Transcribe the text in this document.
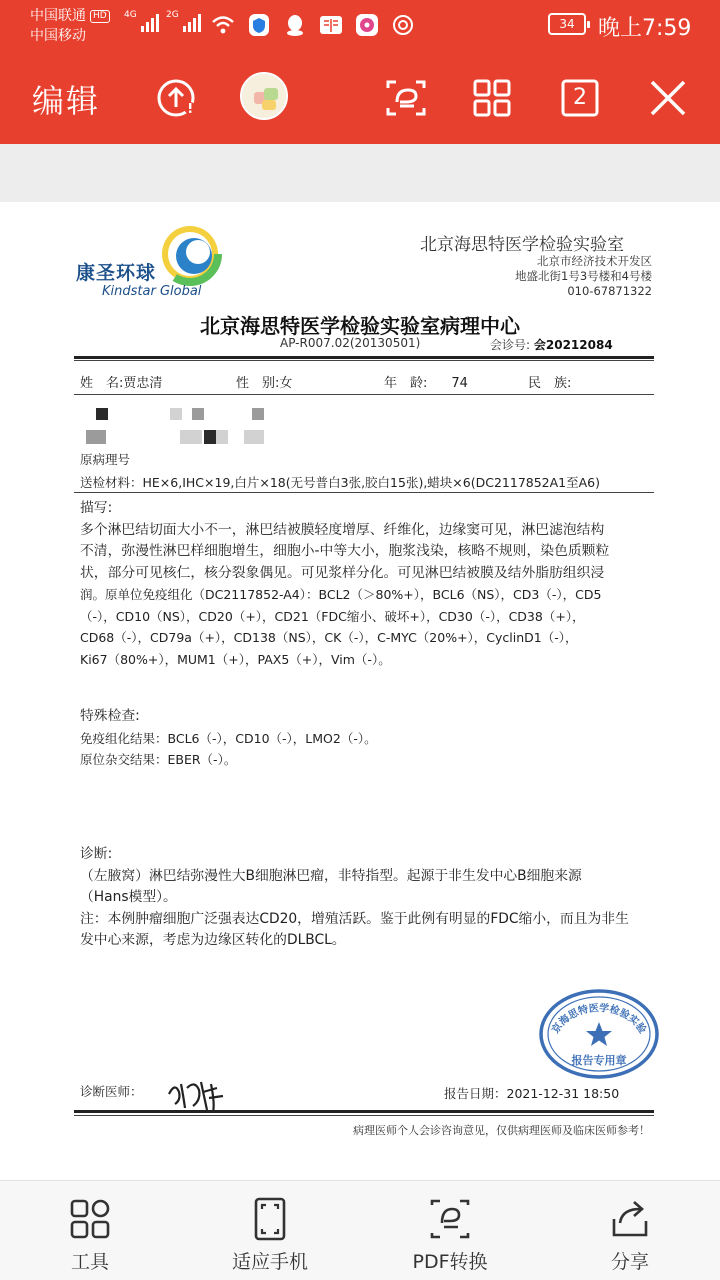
中国联通 HD
中国移动
4G	2G
34	晚上7:59
编辑	2
康圣环球
Kindstar Global
北京海思特医学检验实验室
北京市经济技术开发区
地盛北街1号3号楼和4号楼
010-67871322
北京海思特医学检验实验室病理中心
AP-R007.02(20130501)	会诊号: 会20212084
姓　名:贾忠清	性　别:女	年　龄: 74	民　族:
原病理号
送检材料：HE×6,IHC×19,白片×18(无号普白3张,胶白15张),蜡块×6(DC2117852A1至A6)
描写:
多个淋巴结切面大小不一，淋巴结被膜轻度增厚、纤维化，边缘窦可见，淋巴滤泡结构
不清，弥漫性淋巴样细胞增生，细胞小-中等大小，胞浆浅染，核略不规则，染色质颗粒
状，部分可见核仁，核分裂象偶见。可见浆样分化。可见淋巴结被膜及结外脂肪组织浸
润。原单位免疫组化（DC2117852-A4）：BCL2（＞80%+），BCL6（NS），CD3（-），CD5
（-），CD10（NS），CD20（+），CD21（FDC缩小、破坏+），CD30（-），CD38（+），
CD68（-），CD79a（+），CD138（NS），CK（-），C-MYC（20%+），CyclinD1（-），
Ki67（80%+），MUM1（+），PAX5（+），Vim（-）。
特殊检查:
免疫组化结果：BCL6（-），CD10（-），LMO2（-）。
原位杂交结果：EBER（-）。
诊断:
（左腋窝）淋巴结弥漫性大B细胞淋巴瘤，非特指型。起源于非生发中心B细胞来源
（Hans模型）。
注：本例肿瘤细胞广泛强表达CD20，增殖活跃。鉴于此例有明显的FDC缩小，而且为非生
发中心来源，考虑为边缘区转化的DLBCL。
京海思特医学检验实验
报告专用章
诊断医师：	报告日期：2021-12-31 18:50
病理医师个人会诊咨询意见，仅供病理医师及临床医师参考！
工具	适应手机	PDF转换	分享
